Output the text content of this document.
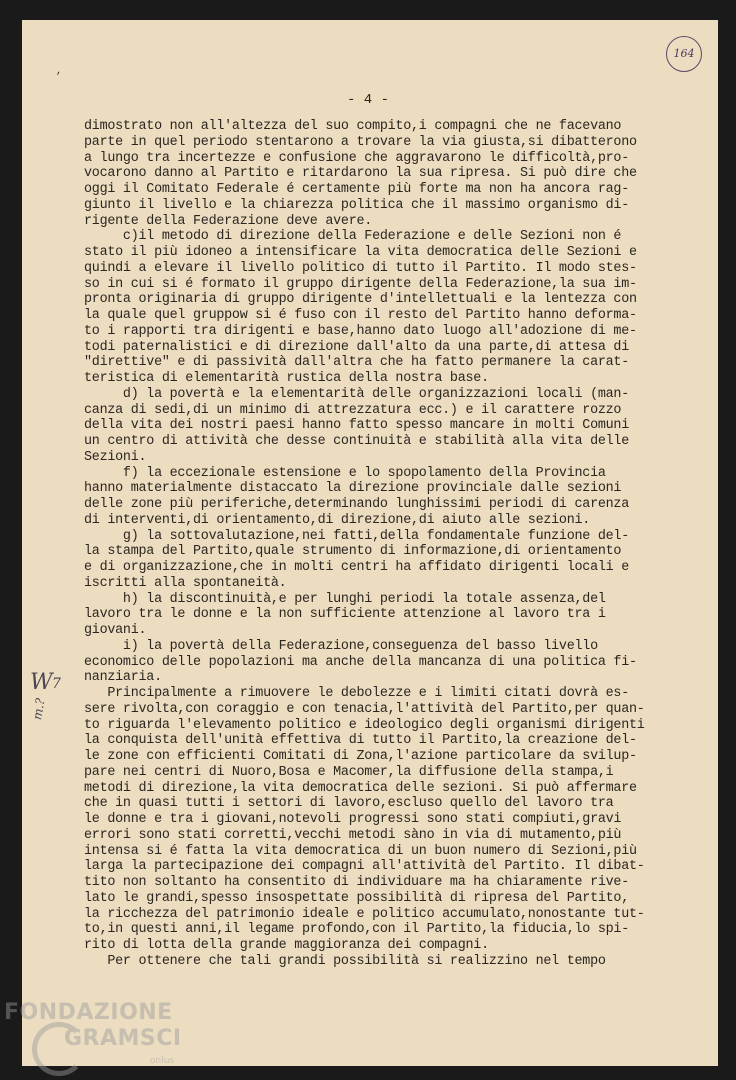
164
,
- 4 -
dimostrato non all'altezza del suo compito,i compagni che ne facevano
parte in quel periodo stentarono a trovare la via giusta,si dibatterono
a lungo tra incertezze e confusione che aggravarono le difficoltà,pro-
vocarono danno al Partito e ritardarono la sua ripresa. Si può dire che
oggi il Comitato Federale é certamente più forte ma non ha ancora rag-
giunto il livello e la chiarezza politica che il massimo organismo di-
rigente della Federazione deve avere.
c)il metodo di direzione della Federazione e delle Sezioni non é
stato il più idoneo a intensificare la vita democratica delle Sezioni e
quindi a elevare il livello politico di tutto il Partito. Il modo stes-
so in cui si é formato il gruppo dirigente della Federazione,la sua im-
pronta originaria di gruppo dirigente d'intellettuali e la lentezza con
la quale quel gruppow si é fuso con il resto del Partito hanno deforma-
to i rapporti tra dirigenti e base,hanno dato luogo all'adozione di me-
todi paternalistici e di direzione dall'alto da una parte,di attesa di
"direttive" e di passività dall'altra che ha fatto permanere la carat-
teristica di elementarità rustica della nostra base.
d) la povertà e la elementarità delle organizzazioni locali (man-
canza di sedi,di un minimo di attrezzatura ecc.) e il carattere rozzo
della vita dei nostri paesi hanno fatto spesso mancare in molti Comuni
un centro di attività che desse continuità e stabilità alla vita delle
Sezioni.
f) la eccezionale estensione e lo spopolamento della Provincia
hanno materialmente distaccato la direzione provinciale dalle sezioni
delle zone più periferiche,determinando lunghissimi periodi di carenza
di interventi,di orientamento,di direzione,di aiuto alle sezioni.
g) la sottovalutazione,nei fatti,della fondamentale funzione del-
la stampa del Partito,quale strumento di informazione,di orientamento
e di organizzazione,che in molti centri ha affidato dirigenti locali e
iscritti alla spontaneità.
h) la discontinuità,e per lunghi periodi la totale assenza,del
lavoro tra le donne e la non sufficiente attenzione al lavoro tra i
giovani.
i) la povertà della Federazione,conseguenza del basso livello
economico delle popolazioni ma anche della mancanza di una politica fi-
nanziaria.
Principalmente a rimuovere le debolezze e i limiti citati dovrà es-
sere rivolta,con coraggio e con tenacia,l'attività del Partito,per quan-
to riguarda l'elevamento politico e ideologico degli organismi dirigenti
la conquista dell'unità effettiva di tutto il Partito,la creazione del-
le zone con efficienti Comitati di Zona,l'azione particolare da svilup-
pare nei centri di Nuoro,Bosa e Macomer,la diffusione della stampa,i
metodi di direzione,la vita democratica delle sezioni. Si può affermare
che in quasi tutti i settori di lavoro,escluso quello del lavoro tra
le donne e tra i giovani,notevoli progressi sono stati compiuti,gravi
errori sono stati corretti,vecchi metodi sàno in via di mutamento,più
intensa si é fatta la vita democratica di un buon numero di Sezioni,più
larga la partecipazione dei compagni all'attività del Partito. Il dibat-
tito non soltanto ha consentito di individuare ma ha chiaramente rive-
lato le grandi,spesso insospettate possibilità di ripresa del Partito,
la ricchezza del patrimonio ideale e politico accumulato,nonostante tut-
to,in questi anni,il legame profondo,con il Partito,la fiducia,lo spi-
rito di lotta della grande maggioranza dei compagni.
Per ottenere che tali grandi possibilità si realizzino nel tempo
W 7
m.?
FONDAZIONE
GRAMSCI
onlus
